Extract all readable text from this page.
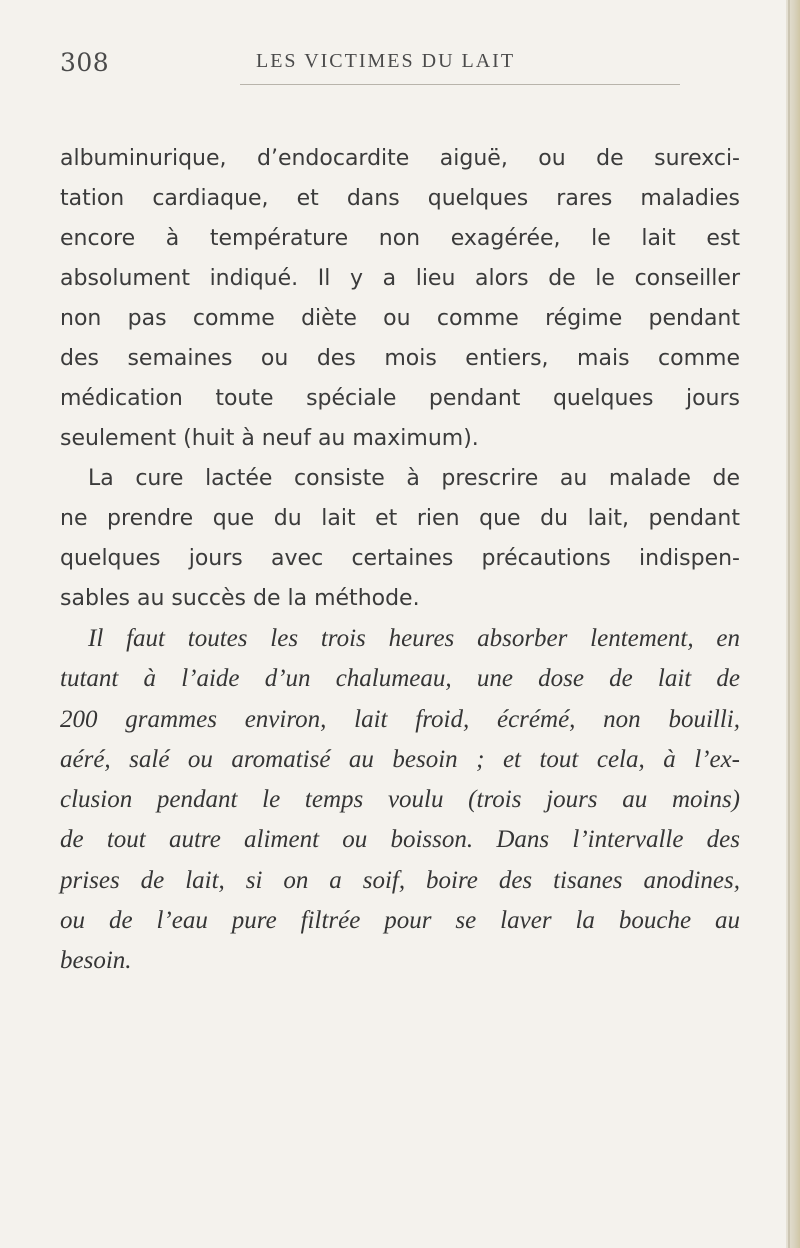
308	LES VICTIMES DU LAIT
albuminurique, d’endocardite aiguë, ou de surexci-
tation cardiaque, et dans quelques rares maladies
encore à température non exagérée, le lait est
absolument indiqué. Il y a lieu alors de le conseiller
non pas comme diète ou comme régime pendant
des semaines ou des mois entiers, mais comme
médication toute spéciale pendant quelques jours
seulement (huit à neuf au maximum).
La cure lactée consiste à prescrire au malade de
ne prendre que du lait et rien que du lait, pendant
quelques jours avec certaines précautions indispen-
sables au succès de la méthode.
Il faut toutes les trois heures absorber lentement, en
tutant à l’aide d’un chalumeau, une dose de lait de
200 grammes environ, lait froid, écrémé, non bouilli,
aéré, salé ou aromatisé au besoin ; et tout cela, à l’ex-
clusion pendant le temps voulu (trois jours au moins)
de tout autre aliment ou boisson. Dans l’intervalle des
prises de lait, si on a soif, boire des tisanes anodines,
ou de l’eau pure filtrée pour se laver la bouche au
besoin.
